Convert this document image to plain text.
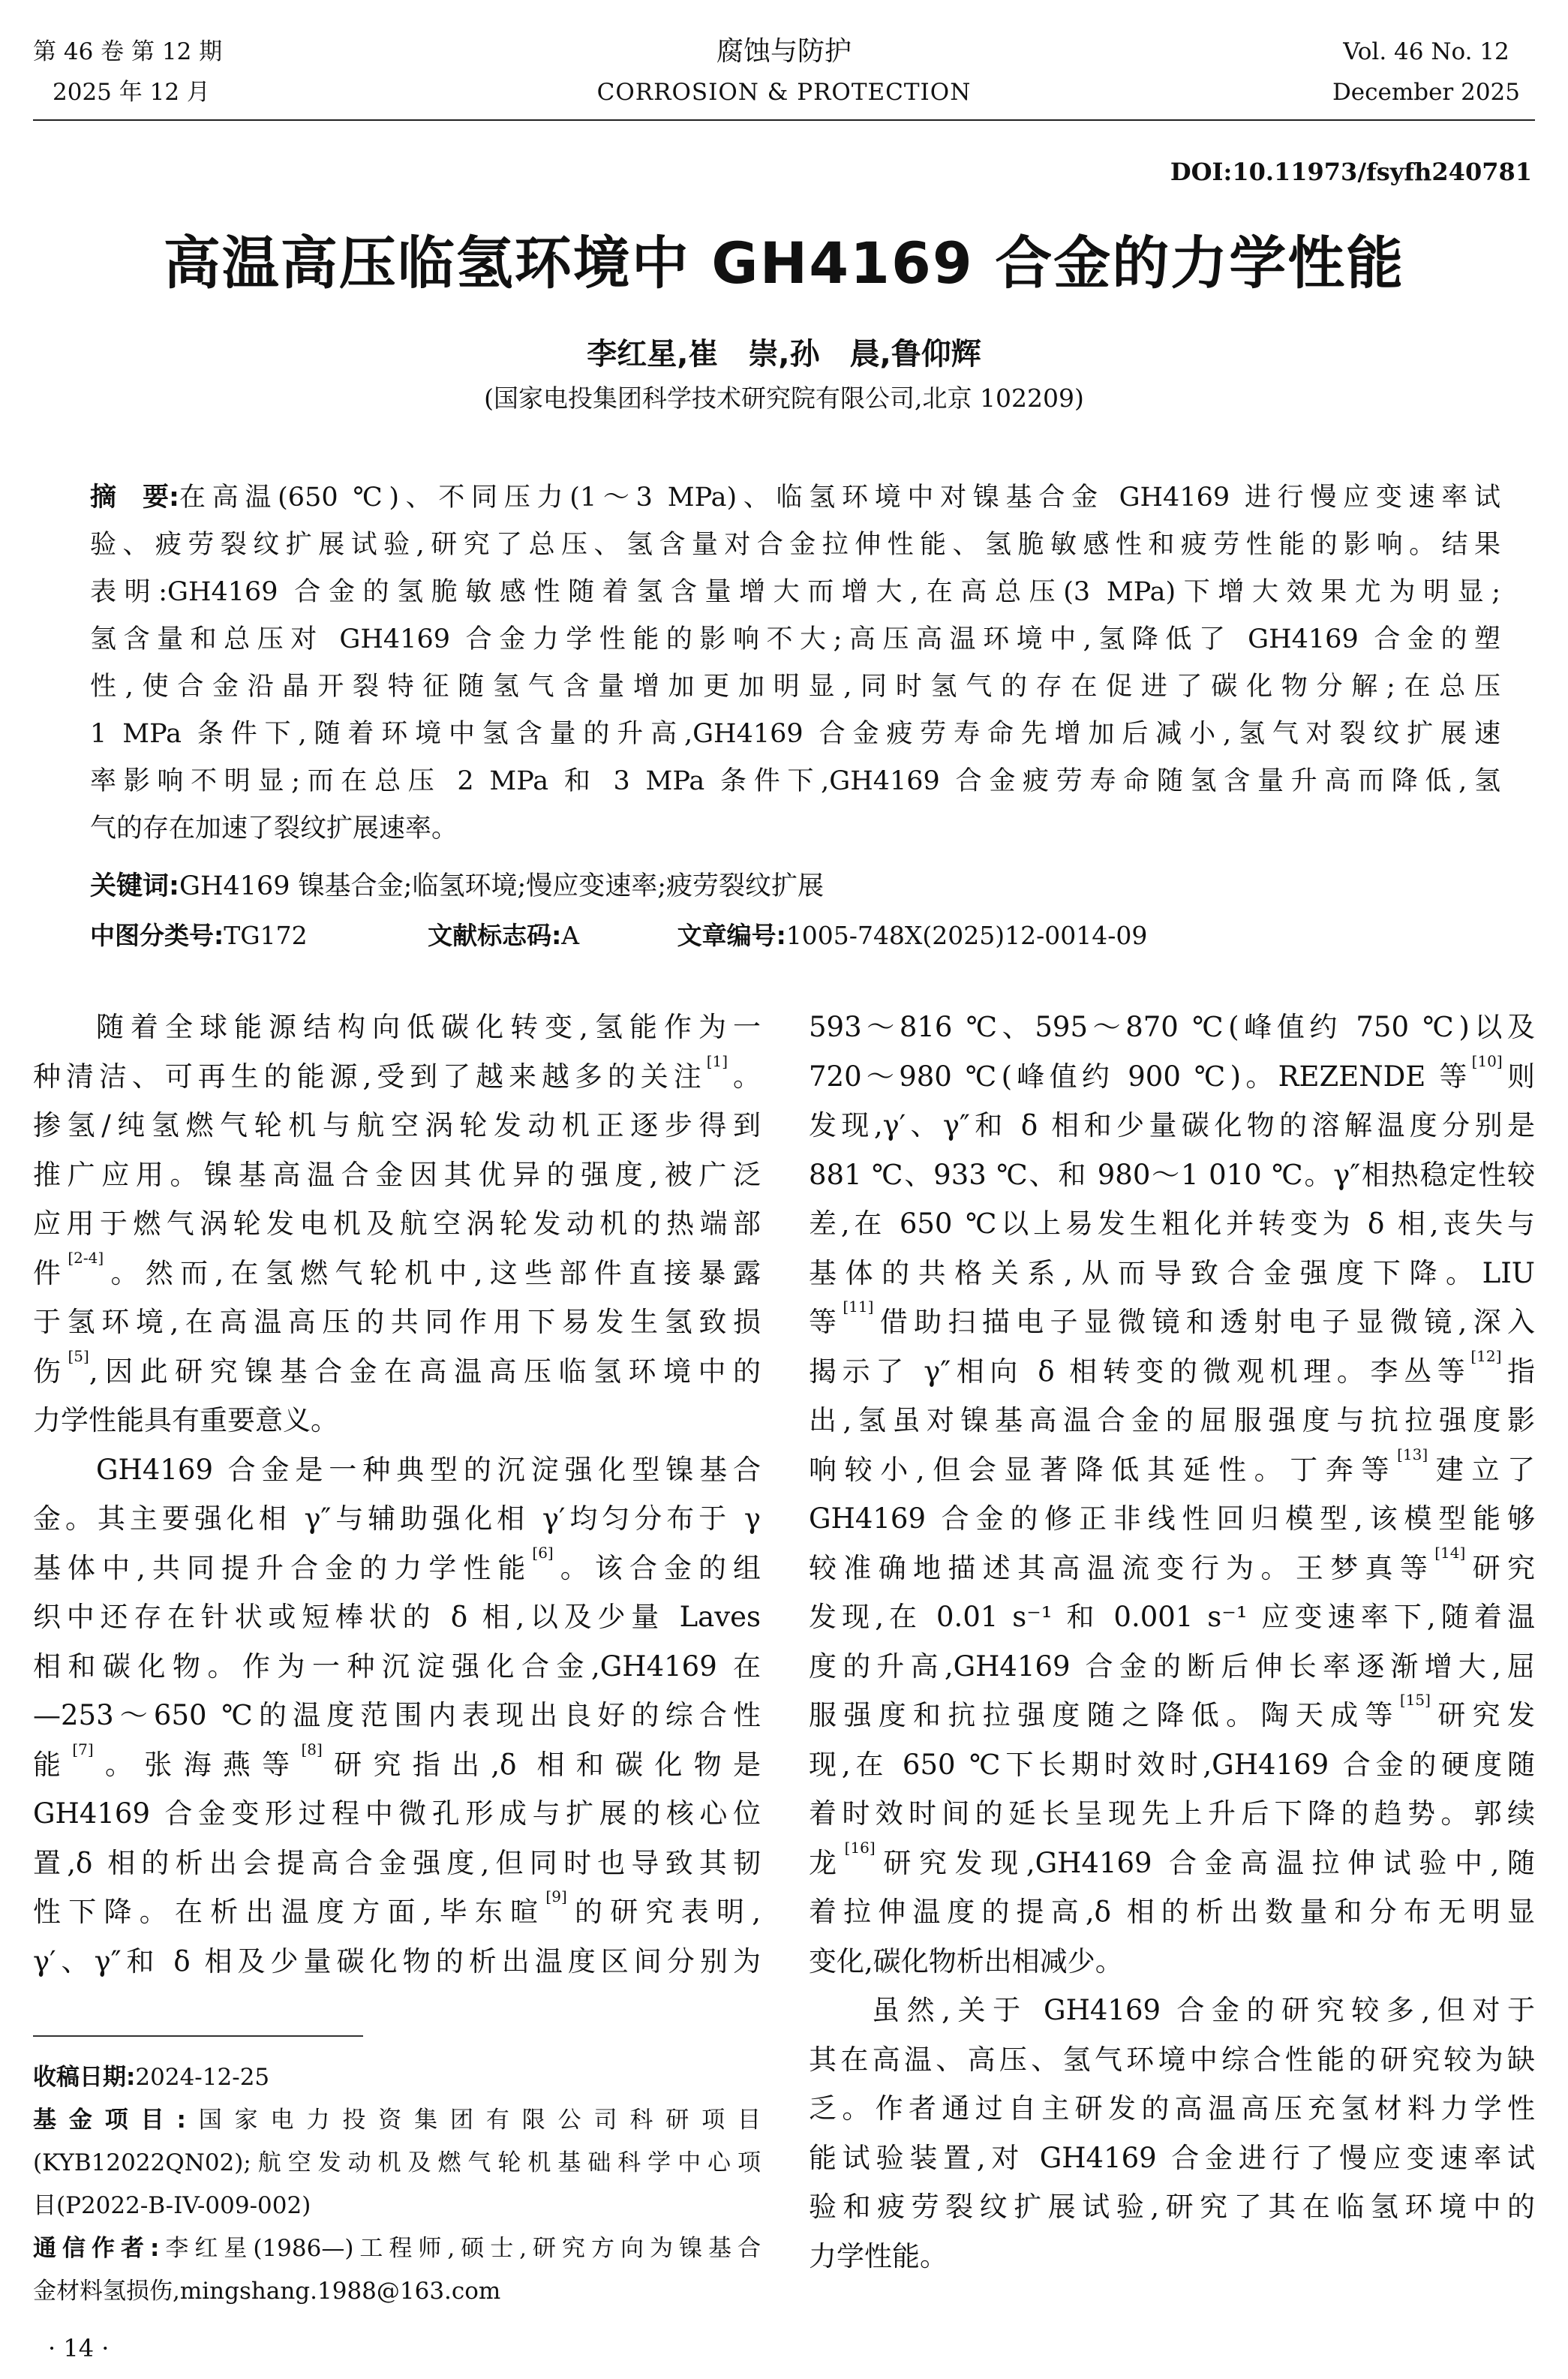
第 46 卷 第 12 期
2025 年 12 月
腐蚀与防护
CORROSION & PROTECTION
Vol. 46 No. 12
December 2025
DOI:10.11973/fsyfh240781
高温高压临氢环境中 GH4169 合金的力学性能
李红星,崔　崇,孙　晨,鲁仰辉
(国家电投集团科学技术研究院有限公司,北京 102209)
摘　要: 在高温(650 ℃)、不同压力(1～3 MPa)、临氢环境中对镍基合金 GH4169 进行慢应变速率试
验、疲劳裂纹扩展试验,研究了总压、氢含量对合金拉伸性能、氢脆敏感性和疲劳性能的影响。结果
表明:GH4169 合金的氢脆敏感性随着氢含量增大而增大,在高总压(3 MPa)下增大效果尤为明显;
氢含量和总压对 GH4169 合金力学性能的影响不大;高压高温环境中,氢降低了 GH4169 合金的塑
性,使合金沿晶开裂特征随氢气含量增加更加明显,同时氢气的存在促进了碳化物分解;在总压
1 MPa 条件下,随着环境中氢含量的升高,GH4169 合金疲劳寿命先增加后减小,氢气对裂纹扩展速
率影响不明显;而在总压 2 MPa 和 3 MPa 条件下,GH4169 合金疲劳寿命随氢含量升高而降低,氢
气的存在加速了裂纹扩展速率。
关键词:GH4169 镍基合金;临氢环境;慢应变速率;疲劳裂纹扩展
中图分类号:TG172	文献标志码:A	文章编号:1005-748X(2025)12-0014-09
随着全球能源结构向低碳化转变,氢能作为一
种清洁、可再生的能源,受到了越来越多的关注[1]。
掺氢/纯氢燃气轮机与航空涡轮发动机正逐步得到
推广应用。镍基高温合金因其优异的强度,被广泛
应用于燃气涡轮发电机及航空涡轮发动机的热端部
件[2-4]。然而,在氢燃气轮机中,这些部件直接暴露
于氢环境,在高温高压的共同作用下易发生氢致损
伤[5],因此研究镍基合金在高温高压临氢环境中的
力学性能具有重要意义。
GH4169 合金是一种典型的沉淀强化型镍基合
金。其主要强化相 γ″与辅助强化相 γ′均匀分布于 γ
基体中,共同提升合金的力学性能[6]。该合金的组
织中还存在针状或短棒状的 δ 相,以及少量 Laves
相和碳化物。作为一种沉淀强化合金,GH4169 在
—253～650 ℃的温度范围内表现出良好的综合性
能[7]。张海燕等[8]研究指出,δ 相和碳化物是
GH4169 合金变形过程中微孔形成与扩展的核心位
置,δ 相的析出会提高合金强度,但同时也导致其韧
性下降。在析出温度方面,毕东暄[9]的研究表明,
γ′、γ″和 δ 相及少量碳化物的析出温度区间分别为
收稿日期:2024-12-25
基金项目:国家电力投资集团有限公司科研项目
(KYB12022QN02);航空发动机及燃气轮机基础科学中心项
目(P2022-B-IV-009-002)
通信作者:李红星(1986—)工程师,硕士,研究方向为镍基合
金材料氢损伤,mingshang.1988@163.com
· 14 ·
593～816 ℃、595～870 ℃(峰值约 750 ℃)以及
720～980 ℃(峰值约 900 ℃)。REZENDE 等[10]则
发现,γ′、γ″和 δ 相和少量碳化物的溶解温度分别是
881 ℃、933 ℃、和 980～1 010 ℃。γ″相热稳定性较
差,在 650 ℃以上易发生粗化并转变为 δ 相,丧失与
基体的共格关系,从而导致合金强度下降。LIU
等[11]借助扫描电子显微镜和透射电子显微镜,深入
揭示了 γ″相向 δ 相转变的微观机理。李丛等[12]指
出,氢虽对镍基高温合金的屈服强度与抗拉强度影
响较小,但会显著降低其延性。丁奔等[13]建立了
GH4169 合金的修正非线性回归模型,该模型能够
较准确地描述其高温流变行为。王梦真等[14]研究
发现,在 0.01 s⁻¹ 和 0.001 s⁻¹ 应变速率下,随着温
度的升高,GH4169 合金的断后伸长率逐渐增大,屈
服强度和抗拉强度随之降低。陶天成等[15]研究发
现,在 650 ℃下长期时效时,GH4169 合金的硬度随
着时效时间的延长呈现先上升后下降的趋势。郭续
龙[16]研究发现,GH4169 合金高温拉伸试验中,随
着拉伸温度的提高,δ 相的析出数量和分布无明显
变化,碳化物析出相减少。
虽然,关于 GH4169 合金的研究较多,但对于
其在高温、高压、氢气环境中综合性能的研究较为缺
乏。作者通过自主研发的高温高压充氢材料力学性
能试验装置,对 GH4169 合金进行了慢应变速率试
验和疲劳裂纹扩展试验,研究了其在临氢环境中的
力学性能。
